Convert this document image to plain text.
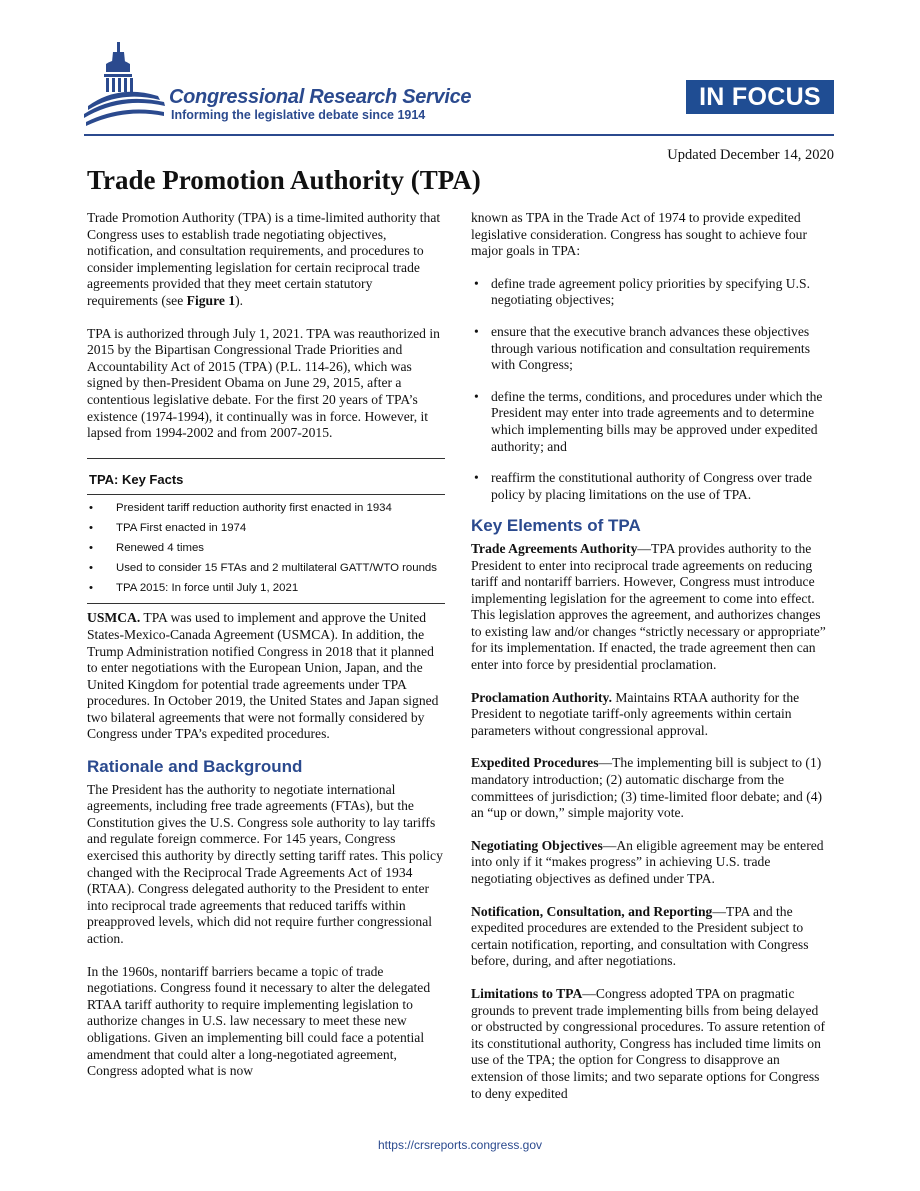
Congressional Research Service
Informing the legislative debate since 1914
IN FOCUS
Updated December 14, 2020
Trade Promotion Authority (TPA)

Trade Promotion Authority (TPA) is a time-limited authority that Congress uses to establish trade negotiating objectives, notification, and consultation requirements, and procedures to consider implementing legislation for certain reciprocal trade agreements provided that they meet certain statutory requirements (see Figure 1).

TPA is authorized through July 1, 2021. TPA was reauthorized in 2015 by the Bipartisan Congressional Trade Priorities and Accountability Act of 2015 (TPA) (P.L. 114-26), which was signed by then-President Obama on June 29, 2015, after a contentious legislative debate. For the first 20 years of TPA’s existence (1974-1994), it continually was in force. However, it lapsed from 1994-2002 and from 2007-2015.

TPA: Key Facts
• President tariff reduction authority first enacted in 1934
• TPA First enacted in 1974
• Renewed 4 times
• Used to consider 15 FTAs and 2 multilateral GATT/WTO rounds
• TPA 2015: In force until July 1, 2021

USMCA. TPA was used to implement and approve the United States-Mexico-Canada Agreement (USMCA). In addition, the Trump Administration notified Congress in 2018 that it planned to enter negotiations with the European Union, Japan, and the United Kingdom for potential trade agreements under TPA procedures. In October 2019, the United States and Japan signed two bilateral agreements that were not formally considered by Congress under TPA’s expedited procedures.

Rationale and Background

The President has the authority to negotiate international agreements, including free trade agreements (FTAs), but the Constitution gives the U.S. Congress sole authority to lay tariffs and regulate foreign commerce. For 145 years, Congress exercised this authority by directly setting tariff rates. This policy changed with the Reciprocal Trade Agreements Act of 1934 (RTAA). Congress delegated authority to the President to enter into reciprocal trade agreements that reduced tariffs within preapproved levels, which did not require further congressional action.

In the 1960s, nontariff barriers became a topic of trade negotiations. Congress found it necessary to alter the delegated RTAA tariff authority to require implementing legislation to authorize changes in U.S. law necessary to meet these new obligations. Given an implementing bill could face a potential amendment that could alter a long-negotiated agreement, Congress adopted what is now

known as TPA in the Trade Act of 1974 to provide expedited legislative consideration. Congress has sought to achieve four major goals in TPA:

• define trade agreement policy priorities by specifying U.S. negotiating objectives;
• ensure that the executive branch advances these objectives through various notification and consultation requirements with Congress;
• define the terms, conditions, and procedures under which the President may enter into trade agreements and to determine which implementing bills may be approved under expedited authority; and
• reaffirm the constitutional authority of Congress over trade policy by placing limitations on the use of TPA.
Key Elements of TPA

Trade Agreements Authority—TPA provides authority to the President to enter into reciprocal trade agreements on reducing tariff and nontariff barriers. However, Congress must introduce implementing legislation for the agreement to come into effect. This legislation approves the agreement, and authorizes changes to existing law and/or changes “strictly necessary or appropriate” for its implementation. If enacted, the trade agreement then can enter into force by presidential proclamation.

Proclamation Authority. Maintains RTAA authority for the President to negotiate tariff-only agreements within certain parameters without congressional approval.

Expedited Procedures—The implementing bill is subject to (1) mandatory introduction; (2) automatic discharge from the committees of jurisdiction; (3) time-limited floor debate; and (4) an “up or down,” simple majority vote.

Negotiating Objectives—An eligible agreement may be entered into only if it “makes progress” in achieving U.S. trade negotiating objectives as defined under TPA.

Notification, Consultation, and Reporting—TPA and the expedited procedures are extended to the President subject to certain notification, reporting, and consultation with Congress before, during, and after negotiations.

Limitations to TPA—Congress adopted TPA on pragmatic grounds to prevent trade implementing bills from being delayed or obstructed by congressional procedures. To assure retention of its constitutional authority, Congress has included time limits on use of the TPA; the option for Congress to disapprove an extension of those limits; and two separate options for Congress to deny expedited

https://crsreports.congress.gov
